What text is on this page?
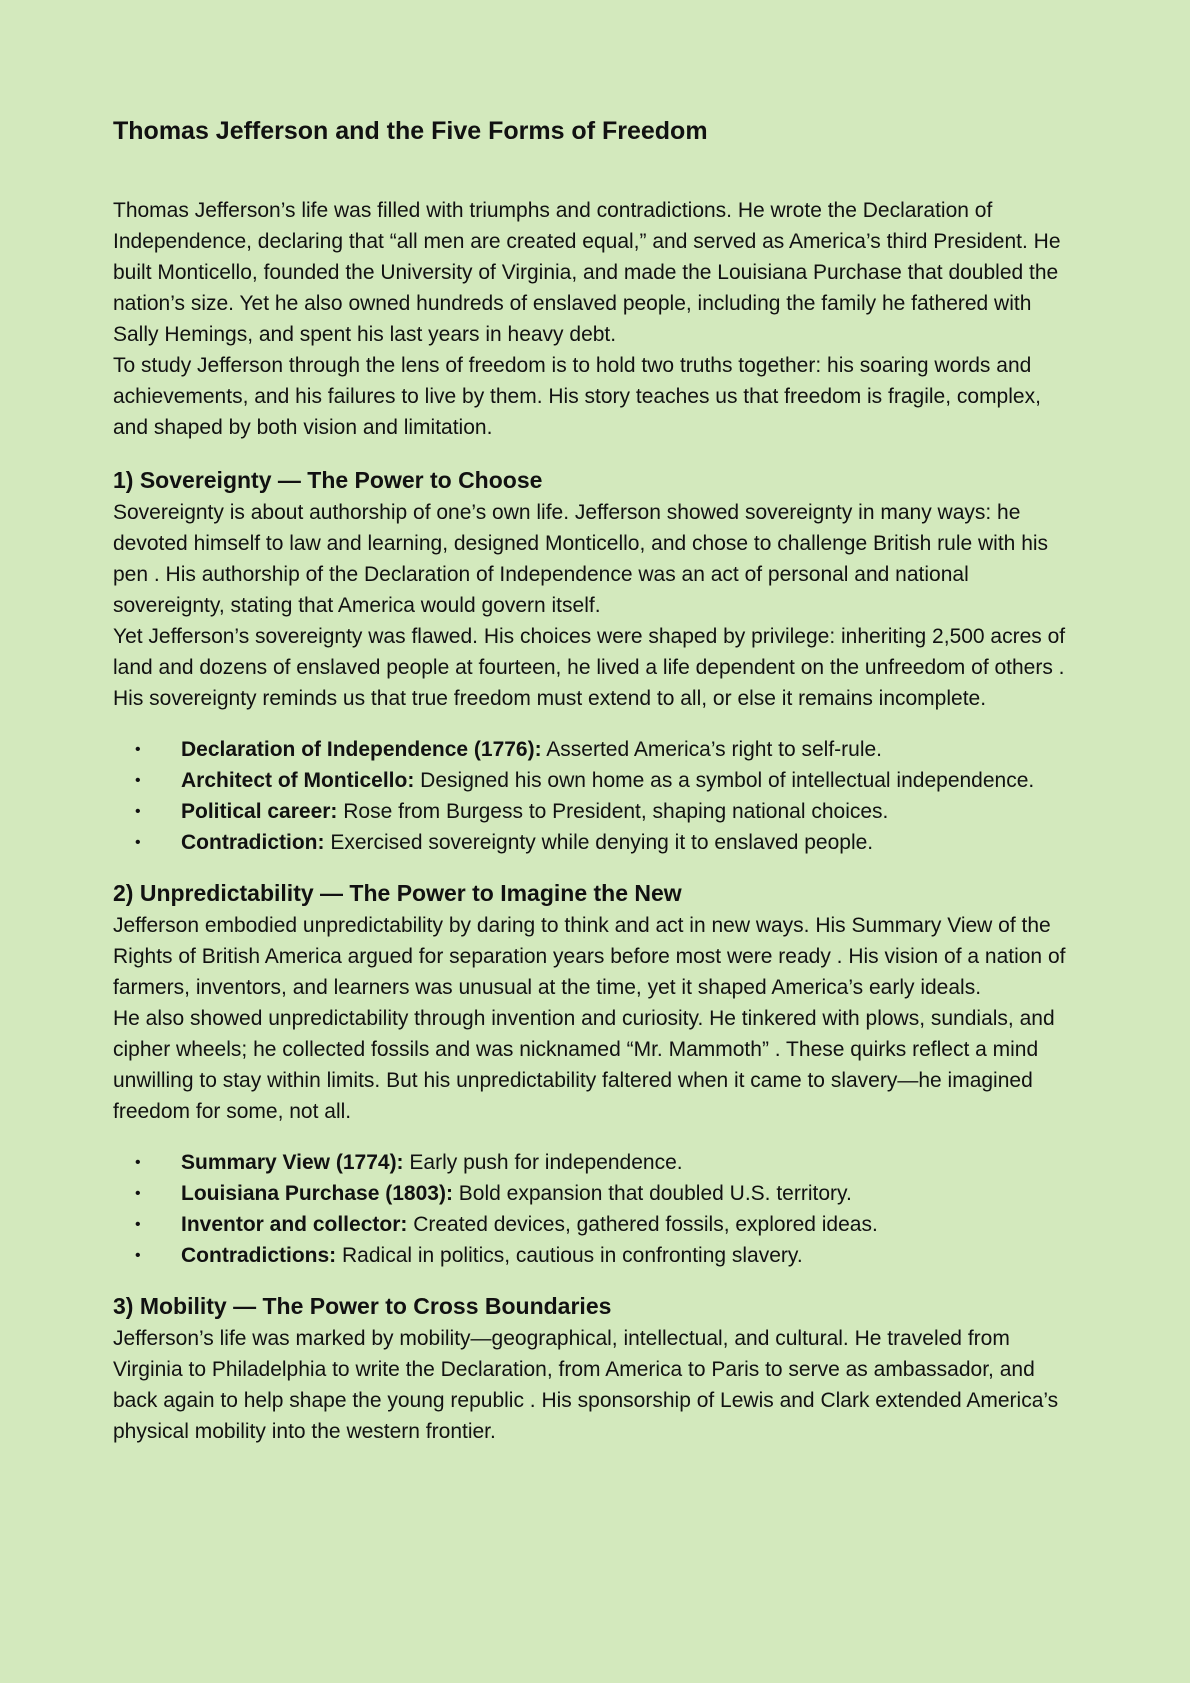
Thomas Jefferson and the Five Forms of Freedom

Thomas Jefferson’s life was filled with triumphs and contradictions. He wrote the Declaration of Independence, declaring that “all men are created equal,” and served as America’s third President. He built Monticello, founded the University of Virginia, and made the Louisiana Purchase that doubled the nation’s size. Yet he also owned hundreds of enslaved people, including the family he fathered with Sally Hemings, and spent his last years in heavy debt.

To study Jefferson through the lens of freedom is to hold two truths together: his soaring words and achievements, and his failures to live by them. His story teaches us that freedom is fragile, complex, and shaped by both vision and limitation.

1) Sovereignty — The Power to Choose

Sovereignty is about authorship of one’s own life. Jefferson showed sovereignty in many ways: he devoted himself to law and learning, designed Monticello, and chose to challenge British rule with his pen . His authorship of the Declaration of Independence was an act of personal and national sovereignty, stating that America would govern itself.

Yet Jefferson’s sovereignty was flawed. His choices were shaped by privilege: inheriting 2,500 acres of land and dozens of enslaved people at fourteen, he lived a life dependent on the unfreedom of others . His sovereignty reminds us that true freedom must extend to all, or else it remains incomplete.

• Declaration of Independence (1776): Asserted America’s right to self-rule.
• Architect of Monticello: Designed his own home as a symbol of intellectual independence.
• Political career: Rose from Burgess to President, shaping national choices.
• Contradiction: Exercised sovereignty while denying it to enslaved people.
2) Unpredictability — The Power to Imagine the New

Jefferson embodied unpredictability by daring to think and act in new ways. His Summary View of the Rights of British America argued for separation years before most were ready . His vision of a nation of farmers, inventors, and learners was unusual at the time, yet it shaped America’s early ideals.

He also showed unpredictability through invention and curiosity. He tinkered with plows, sundials, and cipher wheels; he collected fossils and was nicknamed “Mr. Mammoth” . These quirks reflect a mind unwilling to stay within limits. But his unpredictability faltered when it came to slavery—he imagined freedom for some, not all.

• Summary View (1774): Early push for independence.
• Louisiana Purchase (1803): Bold expansion that doubled U.S. territory.
• Inventor and collector: Created devices, gathered fossils, explored ideas.
• Contradictions: Radical in politics, cautious in confronting slavery.
3) Mobility — The Power to Cross Boundaries

Jefferson’s life was marked by mobility—geographical, intellectual, and cultural. He traveled from Virginia to Philadelphia to write the Declaration, from America to Paris to serve as ambassador, and back again to help shape the young republic . His sponsorship of Lewis and Clark extended America’s physical mobility into the western frontier.
